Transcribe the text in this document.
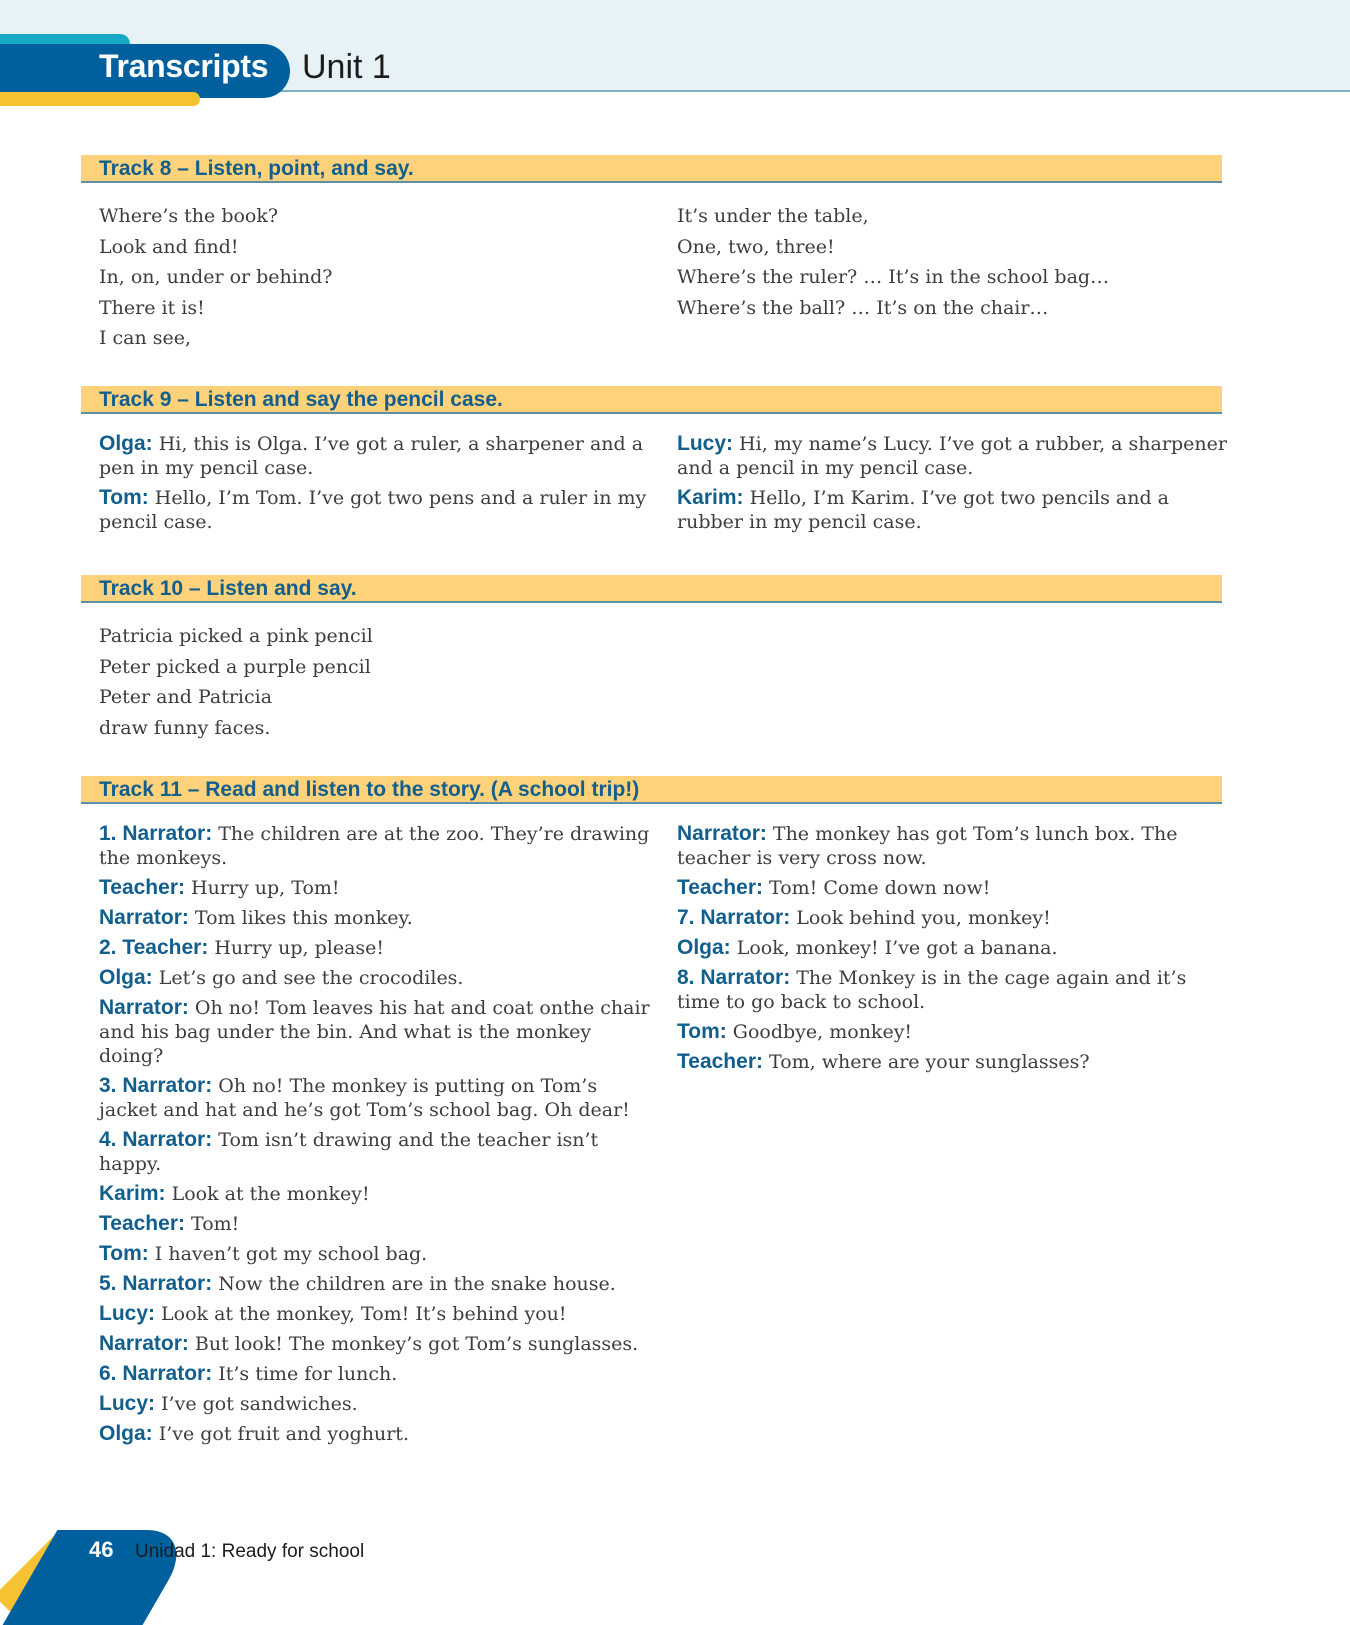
Transcripts Unit 1
Track 8 – Listen, point, and say.
Where’s the book?
Look and find!
In, on, under or behind?
There it is!
I can see,
It’s under the table,
One, two, three!
Where’s the ruler? … It’s in the school bag…
Where’s the ball? … It’s on the chair…
Track 9 – Listen and say the pencil case.
Olga: Hi, this is Olga. I’ve got a ruler, a sharpener and a pen in my pencil case.
Tom: Hello, I’m Tom. I’ve got two pens and a ruler in my pencil case.
Lucy: Hi, my name’s Lucy. I’ve got a rubber, a sharpener and a pencil in my pencil case.
Karim: Hello, I’m Karim. I’ve got two pencils and a rubber in my pencil case.
Track 10 – Listen and say.
Patricia picked a pink pencil
Peter picked a purple pencil
Peter and Patricia
draw funny faces.
Track 11 – Read and listen to the story. (A school trip!)
1. Narrator: The children are at the zoo. They’re drawing the monkeys.
Teacher: Hurry up, Tom!
Narrator: Tom likes this monkey.
2. Teacher: Hurry up, please!
Olga: Let’s go and see the crocodiles.
Narrator: Oh no! Tom leaves his hat and coat onthe chair and his bag under the bin. And what is the monkey doing?
3. Narrator: Oh no! The monkey is putting on Tom’s jacket and hat and he’s got Tom’s school bag. Oh dear!
4. Narrator: Tom isn’t drawing and the teacher isn’t happy.
Karim: Look at the monkey!
Teacher: Tom!
Tom: I haven’t got my school bag.
5. Narrator: Now the children are in the snake house.
Lucy: Look at the monkey, Tom! It’s behind you!
Narrator: But look! The monkey’s got Tom’s sunglasses.
6. Narrator: It’s time for lunch.
Lucy: I’ve got sandwiches.
Olga: I’ve got fruit and yoghurt.
Narrator: The monkey has got Tom’s lunch box. The teacher is very cross now.
Teacher: Tom! Come down now!
7. Narrator: Look behind you, monkey!
Olga: Look, monkey! I’ve got a banana.
8. Narrator: The Monkey is in the cage again and it’s time to go back to school.
Tom: Goodbye, monkey!
Teacher: Tom, where are your sunglasses?
46 Unidad 1: Ready for school
